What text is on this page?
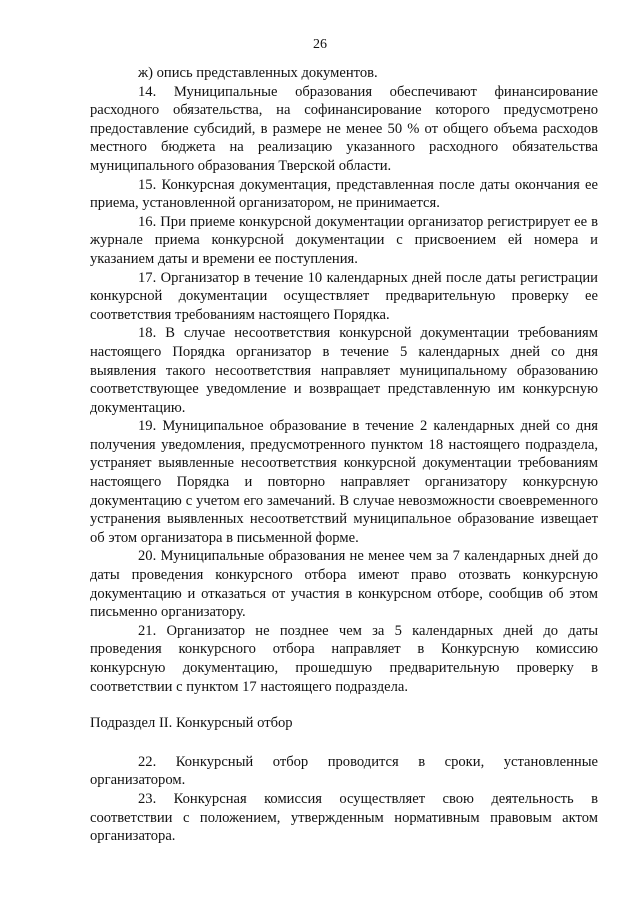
26

ж) опись представленных документов.

14. Муниципальные образования обеспечивают финансирование расходного обязательства, на софинансирование которого предусмотрено предоставление субсидий, в размере не менее 50 % от общего объема расходов местного бюджета на реализацию указанного расходного обязательства муниципального образования Тверской области.

15. Конкурсная документация, представленная после даты окончания ее приема, установленной организатором, не принимается.

16. При приеме конкурсной документации организатор регистрирует ее в журнале приема конкурсной документации с присвоением ей номера и указанием даты и времени ее поступления.

17. Организатор в течение 10 календарных дней после даты регистрации конкурсной документации осуществляет предварительную проверку ее соответствия требованиям настоящего Порядка.

18. В случае несоответствия конкурсной документации требованиям настоящего Порядка организатор в течение 5 календарных дней со дня выявления такого несоответствия направляет муниципальному образованию соответствующее уведомление и возвращает представленную им конкурсную документацию.

19. Муниципальное образование в течение 2 календарных дней со дня получения уведомления, предусмотренного пунктом 18 настоящего подраздела, устраняет выявленные несоответствия конкурсной документации требованиям настоящего Порядка и повторно направляет организатору конкурсную документацию с учетом его замечаний. В случае невозможности своевременного устранения выявленных несоответствий муниципальное образование извещает об этом организатора в письменной форме.

20. Муниципальные образования не менее чем за 7 календарных дней до даты проведения конкурсного отбора имеют право отозвать конкурсную документацию и отказаться от участия в конкурсном отборе, сообщив об этом письменно организатору.

21. Организатор не позднее чем за 5 календарных дней до даты проведения конкурсного отбора направляет в Конкурсную комиссию конкурсную документацию, прошедшую предварительную проверку в соответствии с пунктом 17 настоящего подраздела.

Подраздел II. Конкурсный отбор

22. Конкурсный отбор проводится в сроки, установленные организатором.

23. Конкурсная комиссия осуществляет свою деятельность в соответствии с положением, утвержденным нормативным правовым актом организатора.
